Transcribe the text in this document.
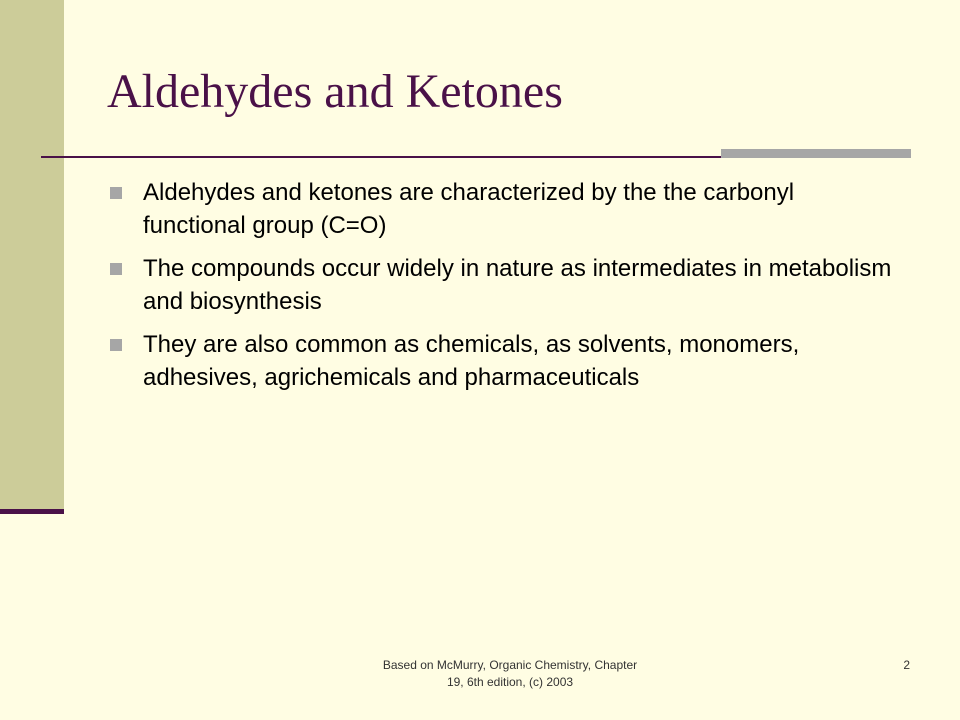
Aldehydes and Ketones
Aldehydes and ketones are characterized by the the carbonyl functional group (C=O)
The compounds occur widely in nature as intermediates in metabolism and biosynthesis
They are also common as chemicals, as solvents, monomers, adhesives, agrichemicals and pharmaceuticals
Based on McMurry, Organic Chemistry, Chapter
19, 6th edition, (c) 2003
2
